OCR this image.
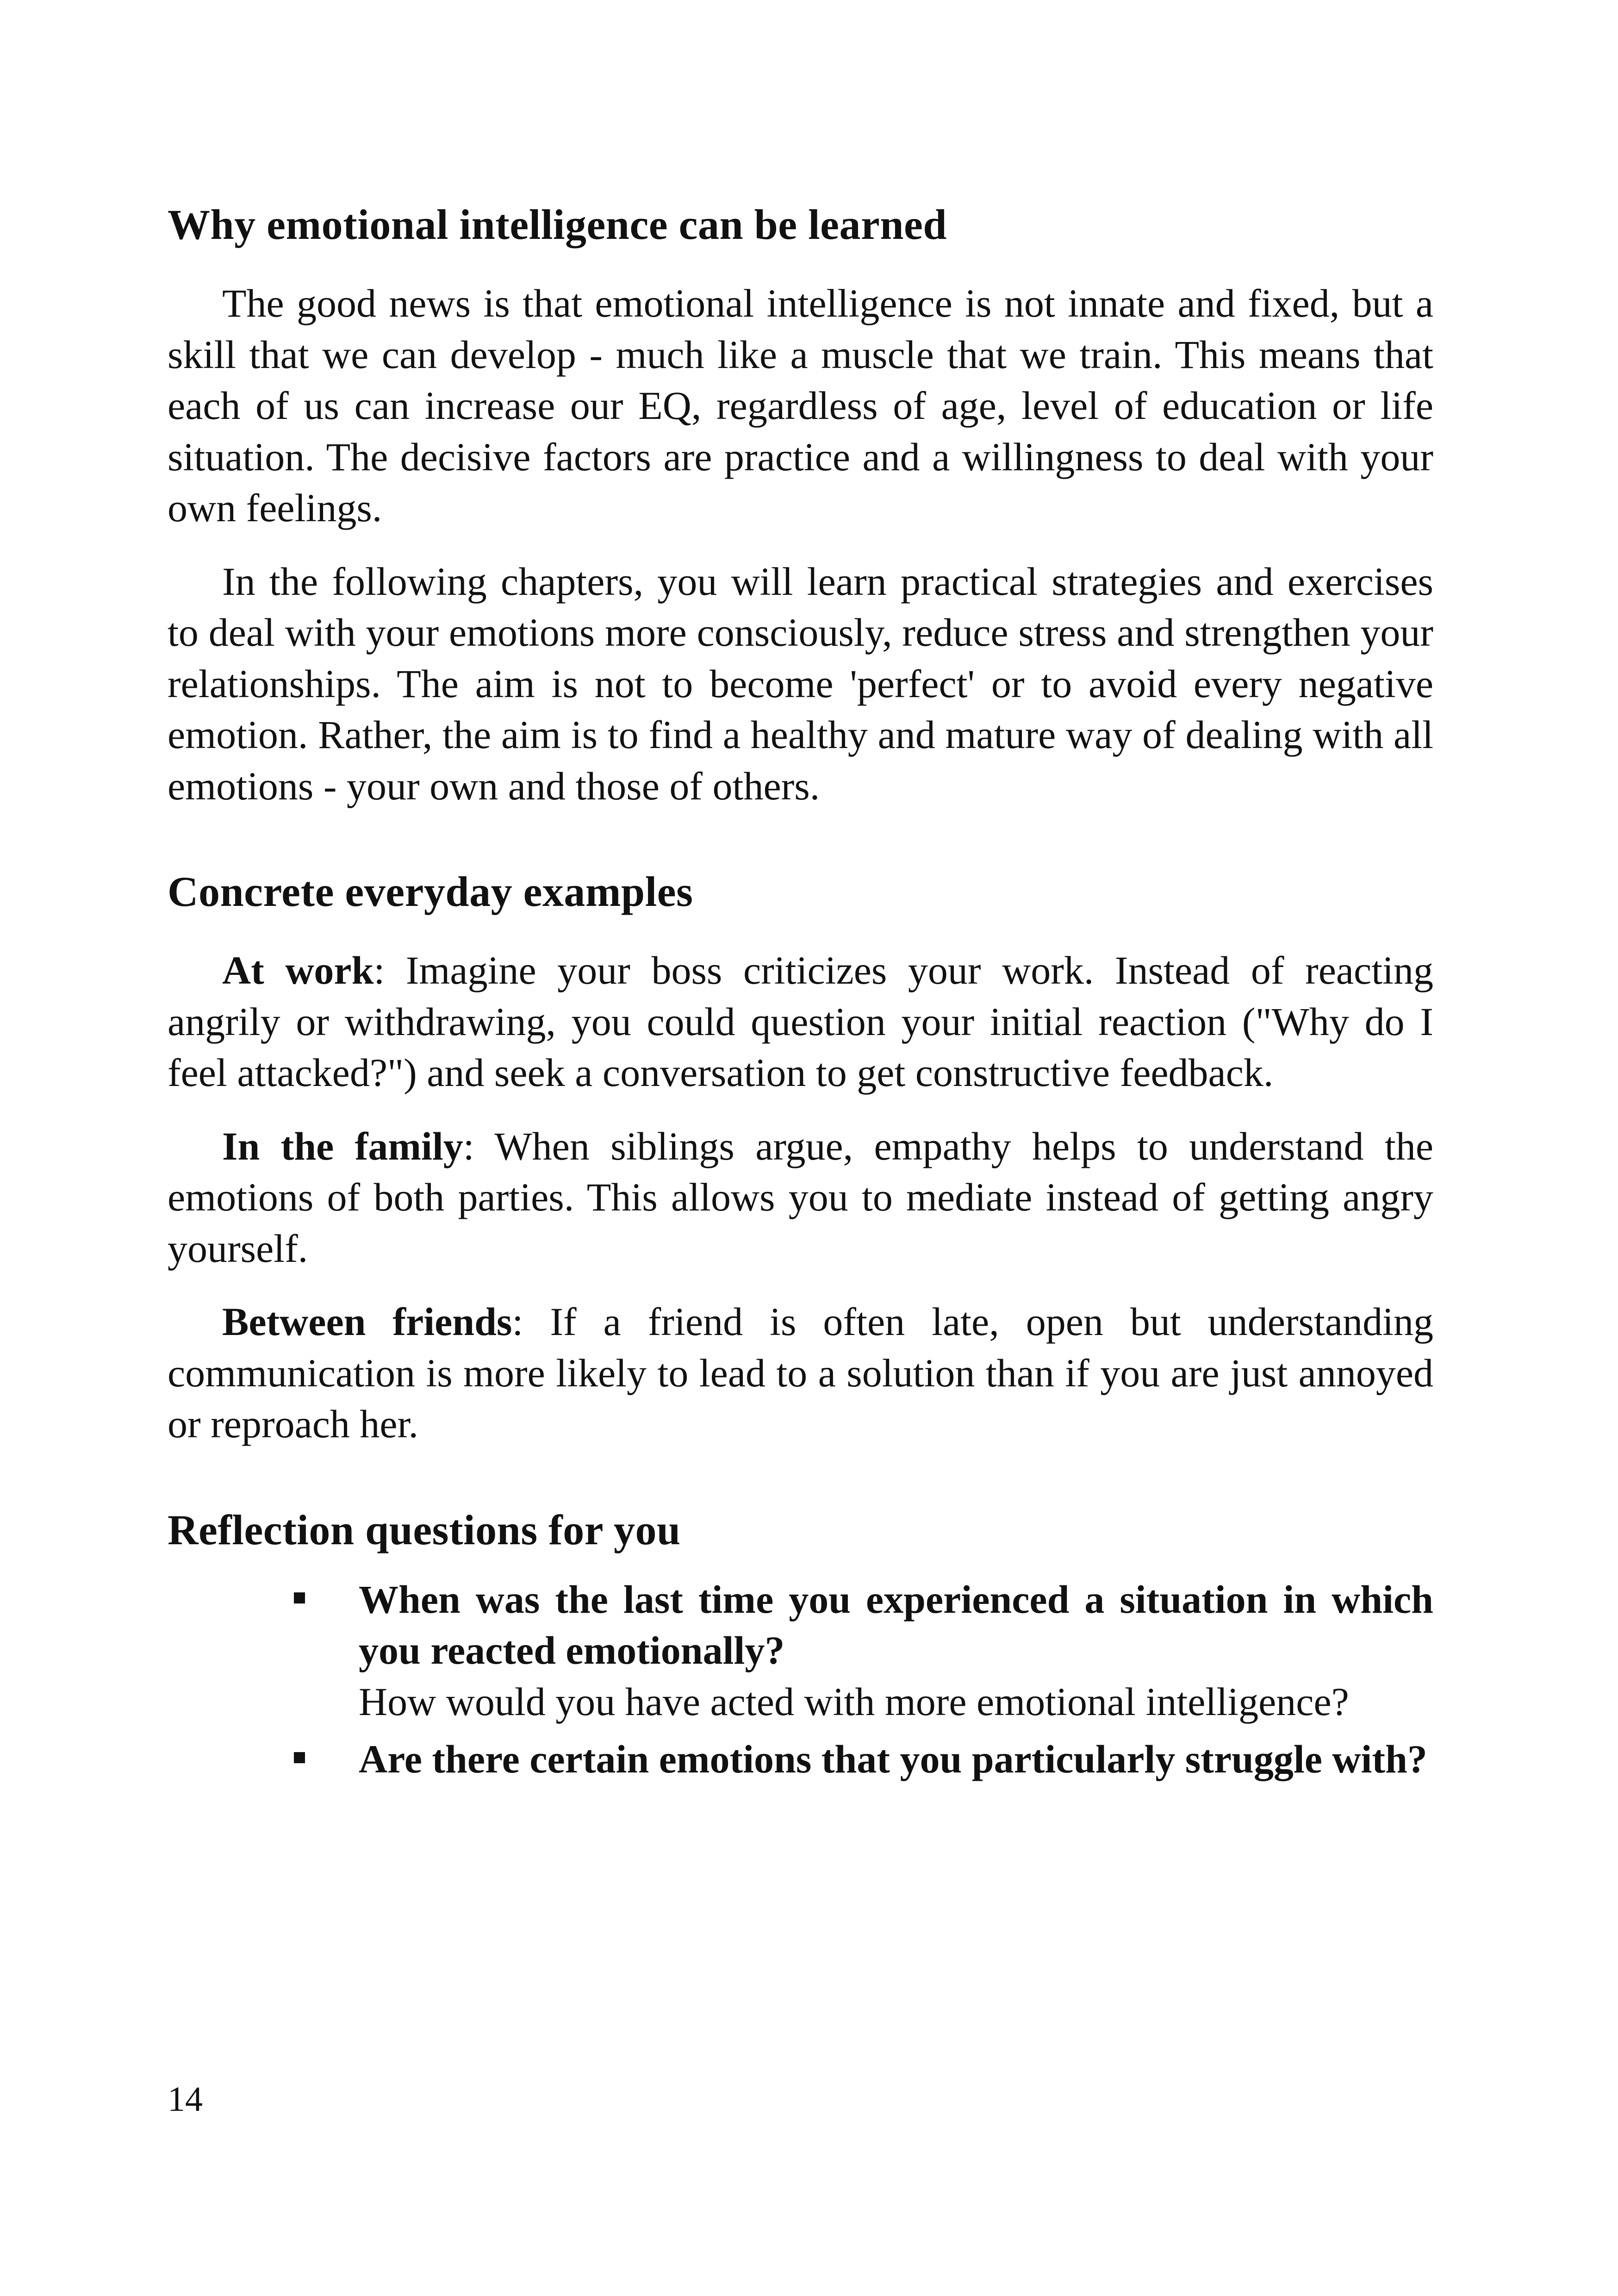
Why emotional intelligence can be learned

The good news is that emotional intelligence is not innate and fixed, but a skill that we can develop - much like a muscle that we train. This means that each of us can increase our EQ, regardless of age, level of education or life situation. The decisive factors are practice and a willingness to deal with your own feelings.

In the following chapters, you will learn practical strategies and exercises to deal with your emotions more consciously, reduce stress and strengthen your relationships. The aim is not to become 'perfect' or to avoid every negative emotion. Rather, the aim is to find a healthy and mature way of dealing with all emotions - your own and those of others.

Concrete everyday examples

At work: Imagine your boss criticizes your work. Instead of reacting angrily or withdrawing, you could question your initial reaction ("Why do I feel attacked?") and seek a conversation to get constructive feedback.

In the family: When siblings argue, empathy helps to understand the emotions of both parties. This allows you to mediate instead of getting angry yourself.

Between friends: If a friend is often late, open but understanding communication is more likely to lead to a solution than if you are just annoyed or reproach her.

Reflection questions for you
When was the last time you experienced a situation in which you reacted emotionally?
How would you have acted with more emotional intelligence?
Are there certain emotions that you particularly struggle with?
14
